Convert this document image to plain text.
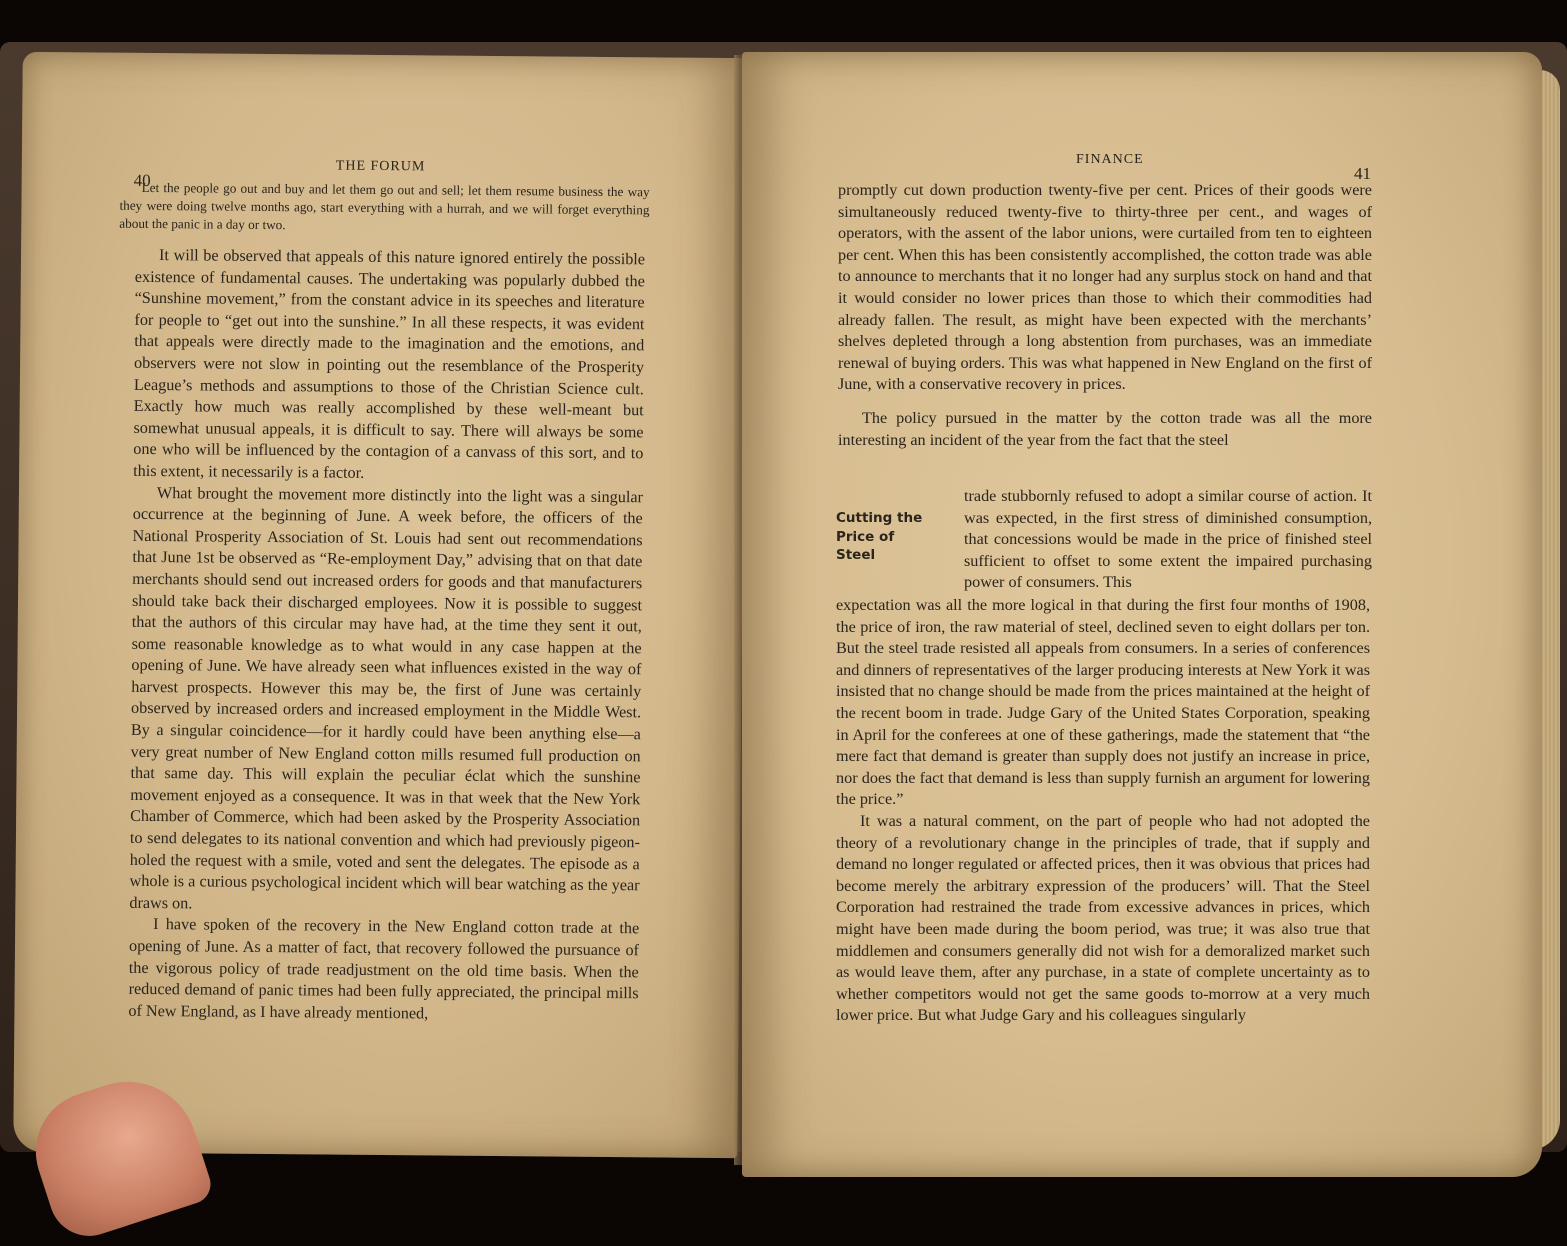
40
THE FORUM

Let the people go out and buy and let them go out and sell; let them resume business the way they were doing twelve months ago, start everything with a hurrah, and we will forget everything about the panic in a day or two.

It will be observed that appeals of this nature ignored entirely the possible existence of fundamental causes. The undertaking was popularly dubbed the “Sunshine movement,” from the constant advice in its speeches and literature for people to “get out into the sunshine.” In all these respects, it was evident that appeals were directly made to the imagination and the emotions, and observers were not slow in pointing out the resemblance of the Prosperity League’s methods and assumptions to those of the Christian Science cult. Exactly how much was really accomplished by these well-meant but somewhat unusual appeals, it is difficult to say. There will always be some one who will be influenced by the contagion of a canvass of this sort, and to this extent, it necessarily is a factor.

What brought the movement more distinctly into the light was a singular occurrence at the beginning of June. A week before, the officers of the National Prosperity Association of St. Louis had sent out recommendations that June 1st be observed as “Re-employment Day,” advising that on that date merchants should send out increased orders for goods and that manufacturers should take back their discharged employees. Now it is possible to suggest that the authors of this circular may have had, at the time they sent it out, some reasonable knowledge as to what would in any case happen at the opening of June. We have already seen what influences existed in the way of harvest prospects. However this may be, the first of June was certainly observed by increased orders and increased employment in the Middle West. By a singular coincidence—for it hardly could have been anything else—a very great number of New England cotton mills resumed full production on that same day. This will explain the peculiar éclat which the sunshine movement enjoyed as a consequence. It was in that week that the New York Chamber of Commerce, which had been asked by the Prosperity Association to send delegates to its national convention and which had previously pigeon-holed the request with a smile, voted and sent the delegates. The episode as a whole is a curious psychological incident which will bear watching as the year draws on.

I have spoken of the recovery in the New England cotton trade at the opening of June. As a matter of fact, that recovery followed the pursuance of the vigorous policy of trade readjustment on the old time basis. When the reduced demand of panic times had been fully appreciated, the principal mills of New England, as I have already mentioned,

FINANCE
41

promptly cut down production twenty-five per cent. Prices of their goods were simultaneously reduced twenty-five to thirty-three per cent., and wages of operators, with the assent of the labor unions, were curtailed from ten to eighteen per cent. When this has been consistently accomplished, the cotton trade was able to announce to merchants that it no longer had any surplus stock on hand and that it would consider no lower prices than those to which their commodities had already fallen. The result, as might have been expected with the merchants’ shelves depleted through a long abstention from purchases, was an immediate renewal of buying orders. This was what happened in New England on the first of June, with a conservative recovery in prices.

The policy pursued in the matter by the cotton trade was all the more interesting an incident of the year from the fact that the steel

Cutting the
Price of
Steel

trade stubbornly refused to adopt a similar course of action. It was expected, in the first stress of diminished consumption, that concessions would be made in the price of finished steel sufficient to offset to some extent the impaired purchasing power of consumers. This

expectation was all the more logical in that during the first four months of 1908, the price of iron, the raw material of steel, declined seven to eight dollars per ton. But the steel trade resisted all appeals from consumers. In a series of conferences and dinners of representatives of the larger producing interests at New York it was insisted that no change should be made from the prices maintained at the height of the recent boom in trade. Judge Gary of the United States Corporation, speaking in April for the conferees at one of these gatherings, made the statement that “the mere fact that demand is greater than supply does not justify an increase in price, nor does the fact that demand is less than supply furnish an argument for lowering the price.”

It was a natural comment, on the part of people who had not adopted the theory of a revolutionary change in the principles of trade, that if supply and demand no longer regulated or affected prices, then it was obvious that prices had become merely the arbitrary expression of the producers’ will. That the Steel Corporation had restrained the trade from excessive advances in prices, which might have been made during the boom period, was true; it was also true that middlemen and consumers generally did not wish for a demoralized market such as would leave them, after any purchase, in a state of complete uncertainty as to whether competitors would not get the same goods to-morrow at a very much lower price. But what Judge Gary and his colleagues singularly
